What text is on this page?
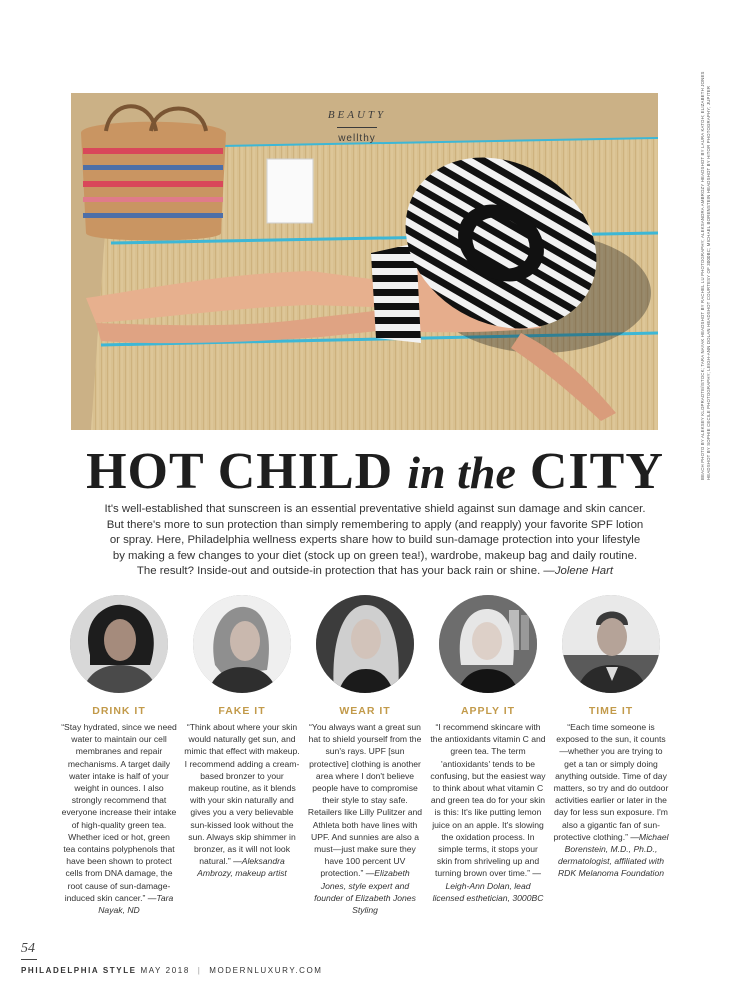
BEAUTY
wellthy
HOT CHILD in the CITY

It's well-established that sunscreen is an essential preventative shield against sun damage and skin cancer. But there's more to sun protection than simply remembering to apply (and reapply) your favorite SPF lotion or spray. Here, Philadelphia wellness experts share how to build sun-damage protection into your lifestyle by making a few changes to your diet (stock up on green tea!), wardrobe, makeup bag and daily routine. The result? Inside-out and outside-in protection that has your back rain or shine. —Jolene Hart

BEACH PHOTO BY ALEKSEY KLOPRADTE/ISTOCK; TARA NAYAK HEADSHOT BY RACHEL LU PHOTOGRAPHY; ALEKSANDRA AMBROZY HEADSHOT BY LAURA KATOH; ELIZABETH JONES HEADSHOT BY SOPHIE CECILE PHOTOGRAPHY; LEIGH-ANN DOLAN HEADSHOT COURTESY OF 3000BC; MICHAEL BORENSTEIN HEADSHOT BY HITOR PHOTOGRAPHY; JUPITER
DRINK IT

“Stay hydrated, since we need water to maintain our cell membranes and repair mechanisms. A target daily water intake is half of your weight in ounces. I also strongly recommend that everyone increase their intake of high-quality green tea. Whether iced or hot, green tea contains polyphenols that have been shown to protect cells from DNA damage, the root cause of sun-damage-induced skin cancer.” —Tara Nayak, ND

FAKE IT

“Think about where your skin would naturally get sun, and mimic that effect with makeup. I recommend adding a cream-based bronzer to your makeup routine, as it blends with your skin naturally and gives you a very believable sun-kissed look without the sun. Always skip shimmer in bronzer, as it will not look natural.” —Aleksandra Ambrozy, makeup artist

WEAR IT

“You always want a great sun hat to shield yourself from the sun's rays. UPF [sun protective] clothing is another area where I don't believe people have to compromise their style to stay safe. Retailers like Lilly Pulitzer and Athleta both have lines with UPF. And sunnies are also a must—just make sure they have 100 percent UV protection.” —Elizabeth Jones, style expert and founder of Elizabeth Jones Styling

APPLY IT

“I recommend skincare with the antioxidants vitamin C and green tea. The term 'antioxidants' tends to be confusing, but the easiest way to think about what vitamin C and green tea do for your skin is this: It's like putting lemon juice on an apple. It's slowing the oxidation process. In simple terms, it stops your skin from shriveling up and turning brown over time.” —Leigh-Ann Dolan, lead licensed esthetician, 3000BC

TIME IT

“Each time someone is exposed to the sun, it counts—whether you are trying to get a tan or simply doing anything outside. Time of day matters, so try and do outdoor activities earlier or later in the day for less sun exposure. I'm also a gigantic fan of sun-protective clothing.” —Michael Borenstein, M.D., Ph.D., dermatologist, affiliated with RDK Melanoma Foundation

54
PHILADELPHIA STYLE MAY 2018 | MODERNLUXURY.COM
